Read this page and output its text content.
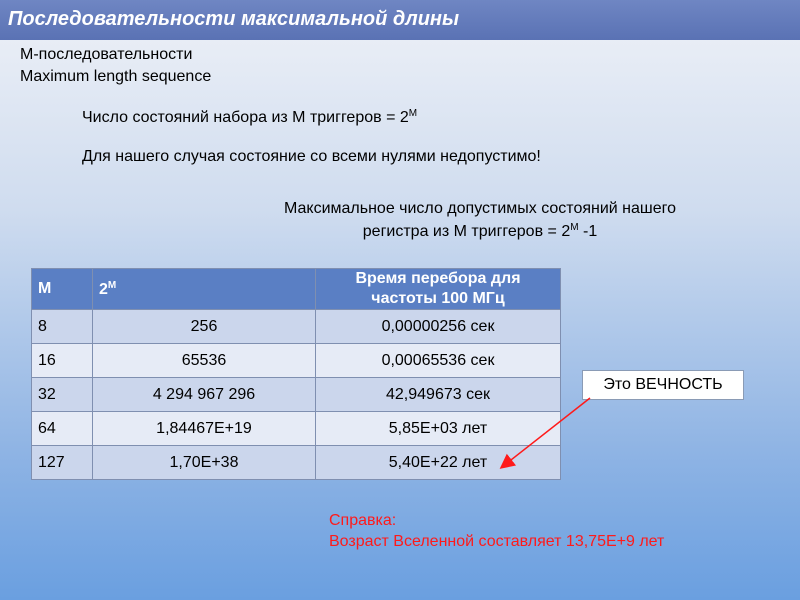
Последовательности максимальной длины
М-последовательности
Maximum length sequence
Число состояний набора из М триггеров = $2^М$
Для нашего случая состояние со всеми нулями недопустимо!
Максимальное число допустимых состояний нашего
регистра из М триггеров = $2^М$ -1
М	$2^М$	Время перебора для
частоты 100 МГц
8	256	0,00000256 сек
16	65536	0,00065536 сек
32	4 294 967 296	42,949673 сек
64	1,84467E+19	5,85E+03 лет
127	1,70E+38	5,40E+22 лет
Это ВЕЧНОСТЬ
Справка:
Возраст Вселенной составляет 13,75E+9 лет
